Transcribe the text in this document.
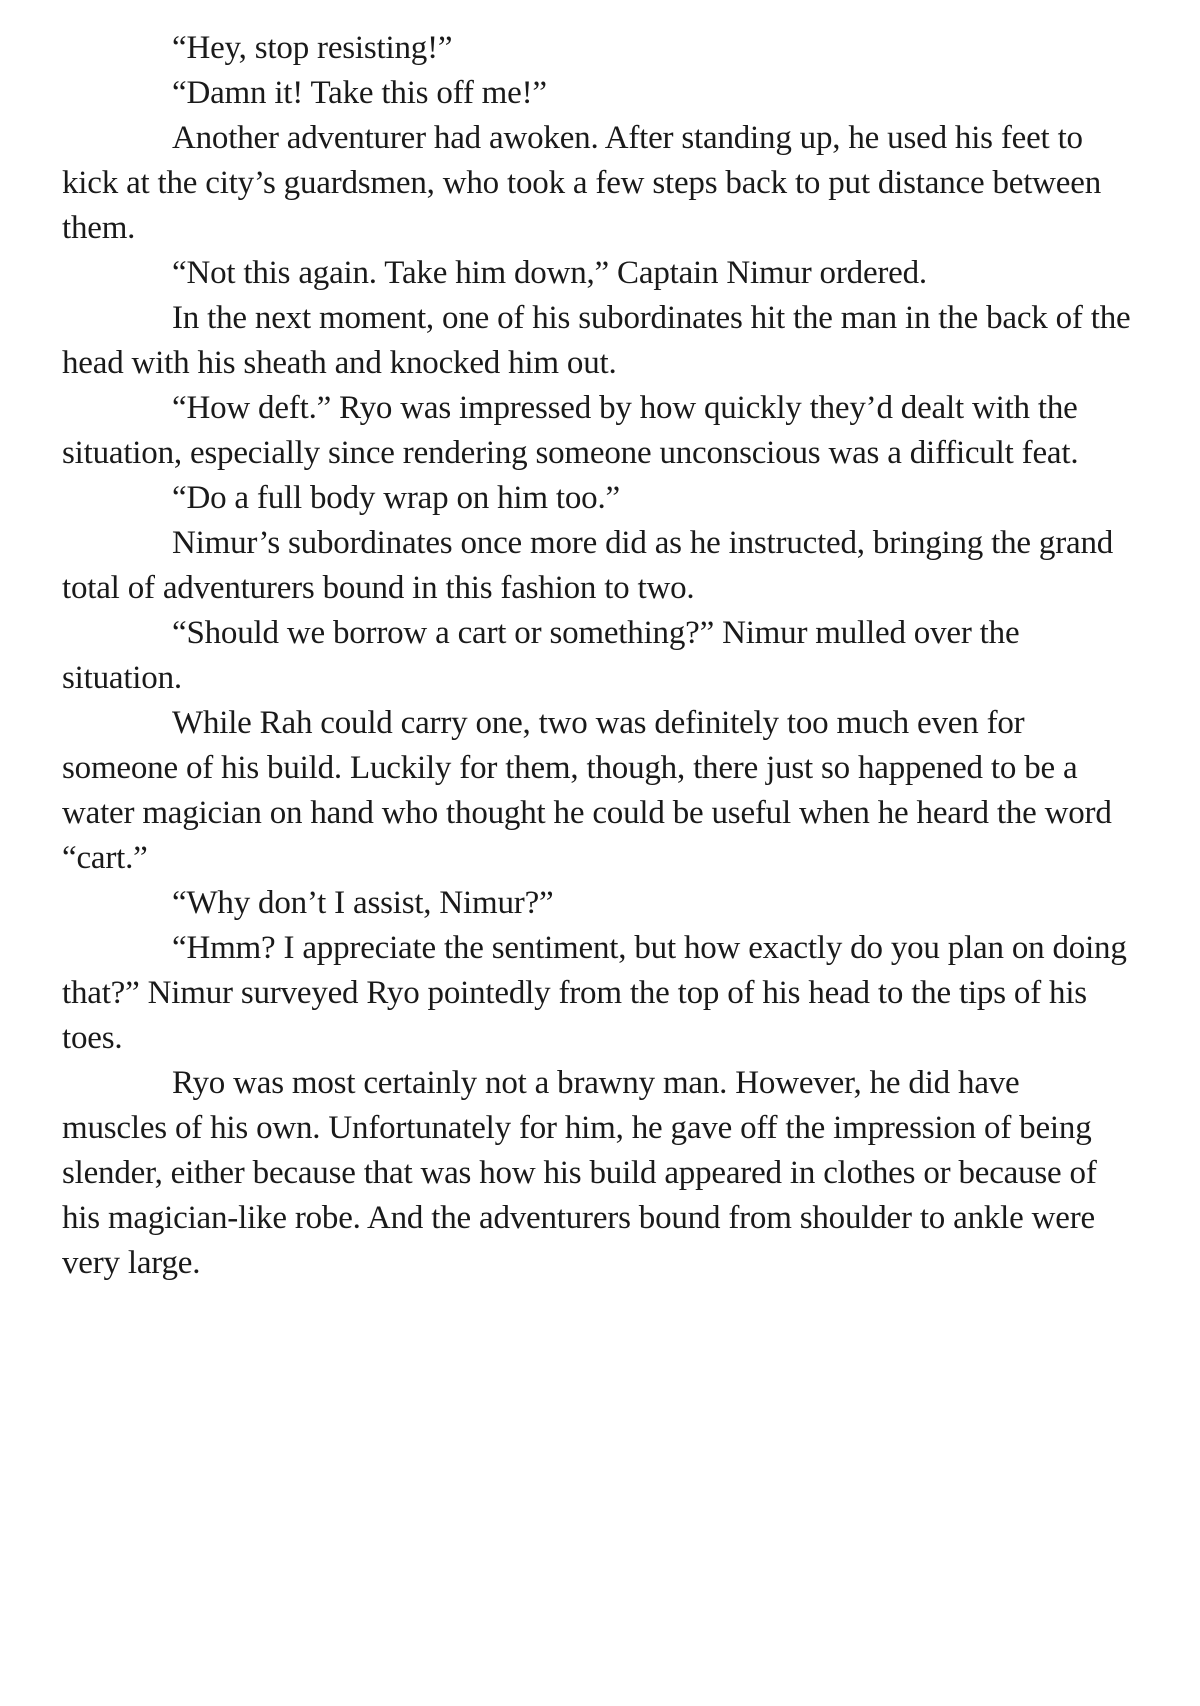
“Hey, stop resisting!”

“Damn it! Take this off me!”

Another adventurer had awoken. After standing up, he used his feet to kick at the city’s guardsmen, who took a few steps back to put distance between them.

“Not this again. Take him down,” Captain Nimur ordered.

In the next moment, one of his subordinates hit the man in the back of the head with his sheath and knocked him out.

“How deft.” Ryo was impressed by how quickly they’d dealt with the situation, especially since rendering someone unconscious was a difficult feat.

“Do a full body wrap on him too.”

Nimur’s subordinates once more did as he instructed, bringing the grand total of adventurers bound in this fashion to two.

“Should we borrow a cart or something?” Nimur mulled over the situation.

While Rah could carry one, two was definitely too much even for someone of his build. Luckily for them, though, there just so happened to be a water magician on hand who thought he could be useful when he heard the word “cart.”

“Why don’t I assist, Nimur?”

“Hmm? I appreciate the sentiment, but how exactly do you plan on doing that?” Nimur surveyed Ryo pointedly from the top of his head to the tips of his toes.

Ryo was most certainly not a brawny man. However, he did have muscles of his own. Unfortunately for him, he gave off the impression of being slender, either because that was how his build appeared in clothes or because of his magician-like robe. And the adventurers bound from shoulder to ankle were very large.
